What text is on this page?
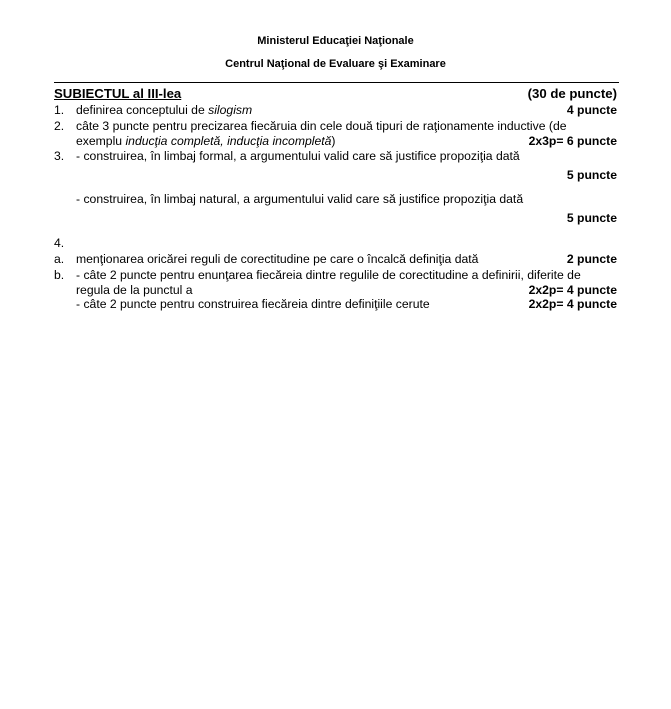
Ministerul Educaţiei Naţionale
Centrul Naţional de Evaluare şi Examinare
SUBIECTUL al III-lea	(30 de puncte)
1. definirea conceptului de silogism	4 puncte
2. câte 3 puncte pentru precizarea fiecăruia din cele două tipuri de raţionamente inductive (de
exemplu inducţia completă, inducţia incompletă)	2x3p= 6 puncte
3. - construirea, în limbaj formal, a argumentului valid care să justifice propoziţia dată
5 puncte
- construirea, în limbaj natural, a argumentului valid care să justifice propoziţia dată
5 puncte
4.
a. menţionarea oricărei reguli de corectitudine pe care o încalcă definiţia dată	2 puncte
b. - câte 2 puncte pentru enunţarea fiecăreia dintre regulile de corectitudine a definirii, diferite de
regula de la punctul a	2x2p= 4 puncte
- câte 2 puncte pentru construirea fiecăreia dintre definiţiile cerute	2x2p= 4 puncte
